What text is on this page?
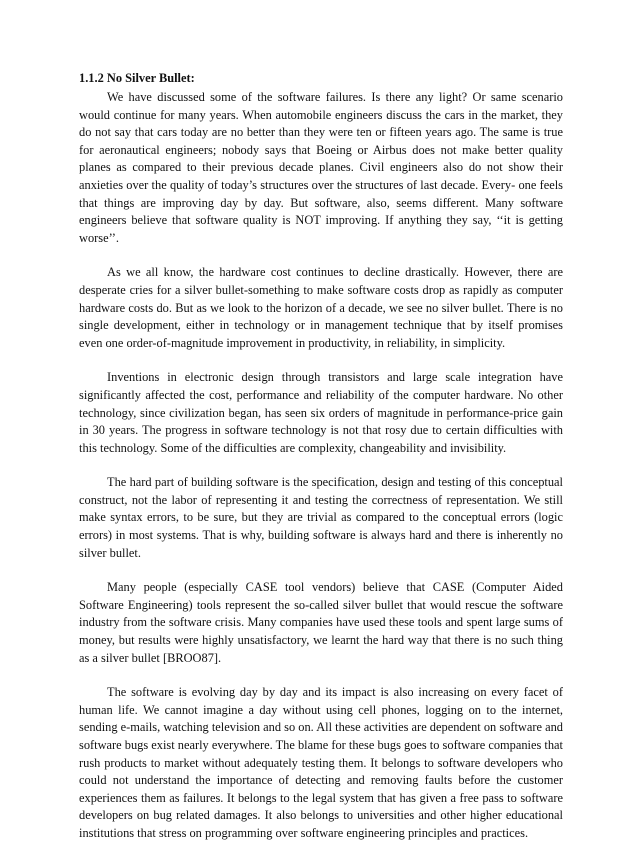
1.1.2 No Silver Bullet:

We have discussed some of the software failures. Is there any light? Or same scenario would continue for many years. When automobile engineers discuss the cars in the market, they do not say that cars today are no better than they were ten or fifteen years ago. The same is true for aeronautical engineers; nobody says that Boeing or Airbus does not make better quality planes as compared to their previous decade planes. Civil engineers also do not show their anxieties over the quality of today’s structures over the structures of last decade. Every- one feels that things are improving day by day. But software, also, seems different. Many software engineers believe that software quality is NOT improving. If anything they say, ‘‘it is getting worse’’.

As we all know, the hardware cost continues to decline drastically. However, there are desperate cries for a silver bullet-something to make software costs drop as rapidly as computer hardware costs do. But as we look to the horizon of a decade, we see no silver bullet. There is no single development, either in technology or in management technique that by itself promises even one order-of-magnitude improvement in productivity, in reliability, in simplicity.

Inventions in electronic design through transistors and large scale integration have significantly affected the cost, performance and reliability of the computer hardware. No other technology, since civilization began, has seen six orders of magnitude in performance-price gain in 30 years. The progress in software technology is not that rosy due to certain difficulties with this technology. Some of the difficulties are complexity, changeability and invisibility.

The hard part of building software is the specification, design and testing of this conceptual construct, not the labor of representing it and testing the correctness of representation. We still make syntax errors, to be sure, but they are trivial as compared to the conceptual errors (logic errors) in most systems. That is why, building software is always hard and there is inherently no silver bullet.

Many people (especially CASE tool vendors) believe that CASE (Computer Aided Software Engineering) tools represent the so-called silver bullet that would rescue the software industry from the software crisis. Many companies have used these tools and spent large sums of money, but results were highly unsatisfactory, we learnt the hard way that there is no such thing as a silver bullet [BROO87].

The software is evolving day by day and its impact is also increasing on every facet of human life. We cannot imagine a day without using cell phones, logging on to the internet, sending e-mails, watching television and so on. All these activities are dependent on software and software bugs exist nearly everywhere. The blame for these bugs goes to software companies that rush products to market without adequately testing them. It belongs to software developers who could not understand the importance of detecting and removing faults before the customer experiences them as failures. It belongs to the legal system that has given a free pass to software developers on bug related damages. It also belongs to universities and other higher educational institutions that stress on programming over software engineering principles and practices.
